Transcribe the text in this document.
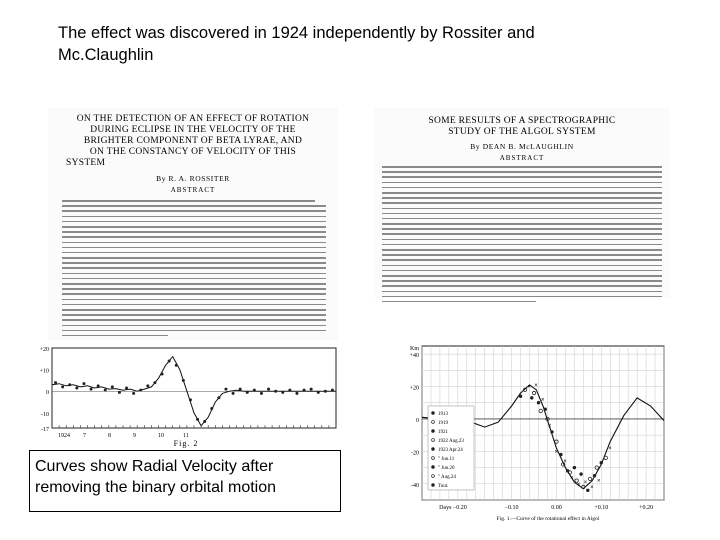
The effect was discovered in 1924 independently by Rossiter and Mc.Claughlin
ON THE DETECTION OF AN EFFECT OF ROTATION
DURING ECLIPSE IN THE VELOCITY OF THE
BRIGHTER COMPONENT OF BETA LYRAE, AND
ON THE CONSTANCY OF VELOCITY OF THIS
SYSTEM
By R. A. ROSSITER
ABSTRACT
SOME RESULTS OF A SPECTROGRAPHIC
STUDY OF THE ALGOL SYSTEM
By DEAN B. McLAUGHLIN
ABSTRACT
+20
+10
0
-10
-17
1924 7	8	9	10	11
Fig. 2
Km
+40
+20
0
-20
-40
Days −0.20	−0.10	0.00	+0.10	+0.20
× ×
×
×
×
×
×
× ×
×
×
×
1913
1919
1921
1922 Aug.23
1923 Apr.24
" Jun.11
" Jun.20
" Aug.24
Tout.
Fig. 1.—Curve of the rotational effect in Algol
Curves show Radial Velocity after removing the binary orbital motion
